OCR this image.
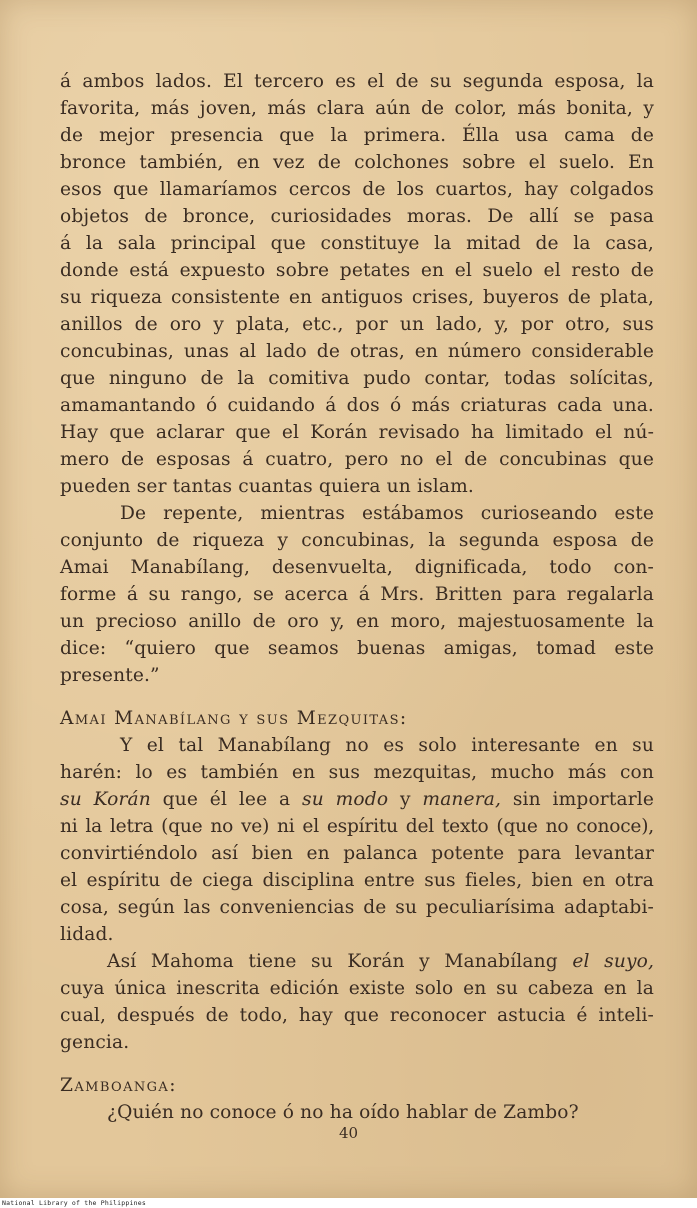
á ambos lados. El tercero es el de su segunda esposa, la
favorita, más joven, más clara aún de color, más bonita, y
de mejor presencia que la primera. Élla usa cama de
bronce también, en vez de colchones sobre el suelo. En
esos que llamaríamos cercos de los cuartos, hay colgados
objetos de bronce, curiosidades moras. De allí se pasa
á la sala principal que constituye la mitad de la casa,
donde está expuesto sobre petates en el suelo el resto de
su riqueza consistente en antiguos crises, buyeros de plata,
anillos de oro y plata, etc., por un lado, y, por otro, sus
concubinas, unas al lado de otras, en número considerable
que ninguno de la comitiva pudo contar, todas solícitas,
amamantando ó cuidando á dos ó más criaturas cada una.
Hay que aclarar que el Korán revisado ha limitado el nú-
mero de esposas á cuatro, pero no el de concubinas que
pueden ser tantas cuantas quiera un islam.
De repente, mientras estábamos curioseando este
conjunto de riqueza y concubinas, la segunda esposa de
Amai Manabílang, desenvuelta, dignificada, todo con-
forme á su rango, se acerca á Mrs. Britten para regalarla
un precioso anillo de oro y, en moro, majestuosamente la
dice: “quiero que seamos buenas amigas, tomad este
presente.”
Amai Manabílang y sus Mezquitas:
Y el tal Manabílang no es solo interesante en su
harén: lo es también en sus mezquitas, mucho más con
su Korán que él lee a su modo y manera, sin importarle
ni la letra (que no ve) ni el espíritu del texto (que no conoce),
convirtiéndolo así bien en palanca potente para levantar
el espíritu de ciega disciplina entre sus fieles, bien en otra
cosa, según las conveniencias de su peculiarísima adaptabi-
lidad.
Así Mahoma tiene su Korán y Manabílang el suyo,
cuya única inescrita edición existe solo en su cabeza en la
cual, después de todo, hay que reconocer astucia é inteli-
gencia.
Zamboanga:
¿Quién no conoce ó no ha oído hablar de Zambo?
40
National Library of the Philippines
